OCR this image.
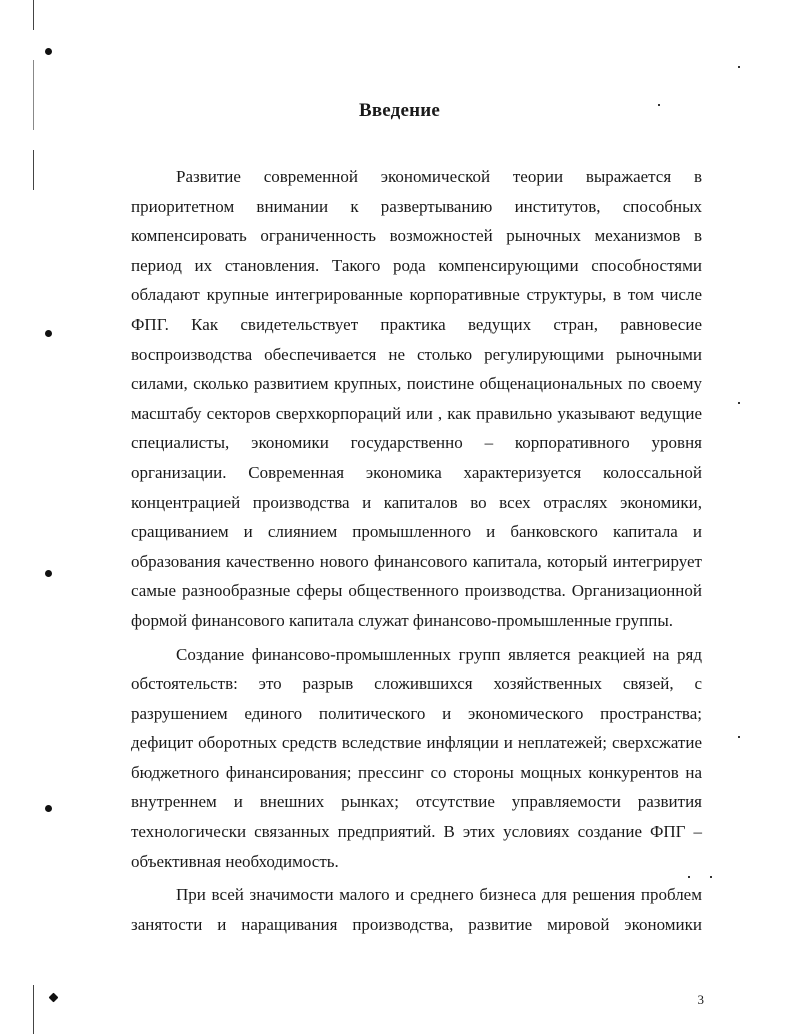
Введение

Развитие современной экономической теории выражается в приоритетном внимании к развертыванию институтов, способных компенсировать ограниченность возможностей рыночных механизмов в период их становления. Такого рода компенсирующими способностями обладают крупные интегрированные корпоративные структуры, в том числе ФПГ. Как свидетельствует практика ведущих стран, равновесие воспроизводства обеспечивается не столько регулирующими рыночными силами, сколько развитием крупных, поистине общенациональных по своему масштабу секторов сверхкорпораций или , как правильно указывают ведущие специалисты, экономики государственно – корпоративного уровня организации. Современная экономика характеризуется колоссальной концентрацией производства и капиталов во всех отраслях экономики, сращиванием и слиянием промышленного и банковского капитала и образования качественно нового финансового капитала, который интегрирует самые разнообразные сферы общественного производства. Организационной формой финансового капитала служат финансово-промышленные группы.

Создание финансово-промышленных групп является реакцией на ряд обстоятельств: это разрыв сложившихся хозяйственных связей, с разрушением единого политического и экономического пространства; дефицит оборотных средств вследствие инфляции и неплатежей; сверхсжатие бюджетного финансирования; прессинг со стороны мощных конкурентов на внутреннем и внешних рынках; отсутствие управляемости развития технологически связанных предприятий. В этих условиях создание ФПГ – объективная необходимость.

При всей значимости малого и среднего бизнеса для решения проблем занятости и наращивания производства, развитие мировой экономики

3
